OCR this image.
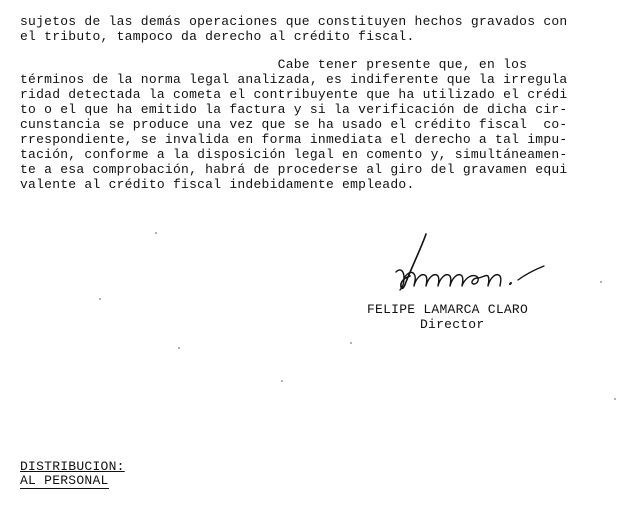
sujetos de las demás operaciones que constituyen hechos gravados con
el tributo, tampoco da derecho al crédito fiscal.
Cabe tener presente que, en los
términos de la norma legal analizada, es indiferente que la irregula
ridad detectada la cometa el contribuyente que ha utilizado el crédi
to o el que ha emitido la factura y si la verificación de dicha cir-
cunstancia se produce una vez que se ha usado el crédito fiscal  co-
rrespondiente, se invalida en forma inmediata el derecho a tal impu-
tación, conforme a la disposición legal en comento y, simultáneamen-
te a esa comprobación, habrá de procederse al giro del gravamen equi
valente al crédito fiscal indebidamente empleado.
FELIPE LAMARCA CLARO
Director
DISTRIBUCION:
AL PERSONAL
